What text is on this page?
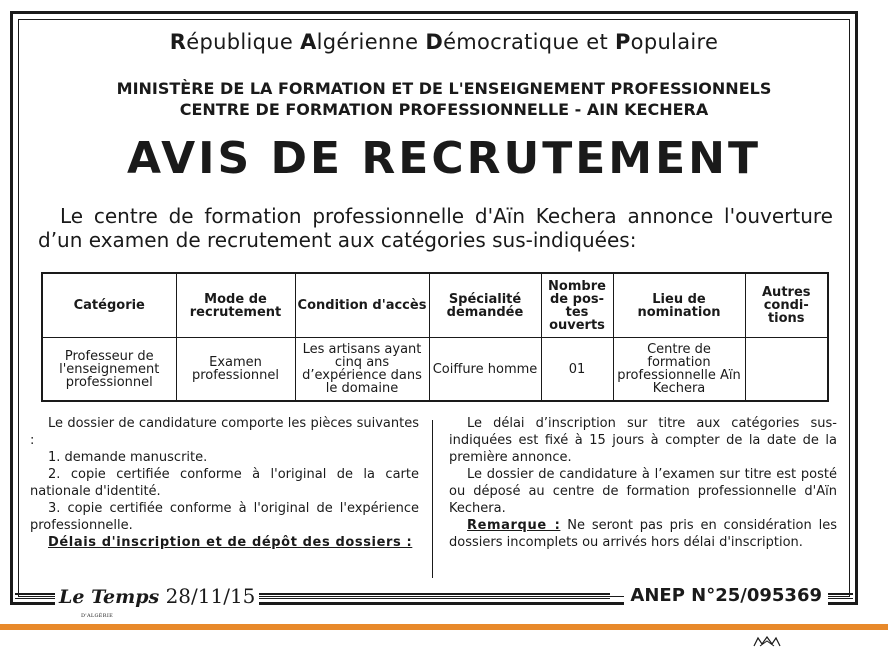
République Algérienne Démocratique et Populaire
MINISTÈRE DE LA FORMATION ET DE L'ENSEIGNEMENT PROFESSIONNELS
CENTRE DE FORMATION PROFESSIONNELLE - AIN KECHERA
AVIS DE RECRUTEMENT
Le centre de formation professionnelle d'Aïn Kechera annonce l'ouverture d’un examen de recrutement aux catégories sus-indiquées:
Catégorie	Mode de recrutement	Condition d'accès	Spécialité demandée	Nombre de pos-tes ouverts	Lieu de nomination	Autres condi-tions
Professeur de l'enseignement professionnel	Examen professionnel	Les artisans ayant cinq ans d’expérience dans le domaine	Coiffure homme	01	Centre de formation professionnelle Aïn Kechera	

Le dossier de candidature comporte les pièces suivantes :

1. demande manuscrite.

2. copie certifiée conforme à l'original de la carte nationale d'identité.

3. copie certifiée conforme à l'original de l'expérience professionnelle.

Délais d'inscription et de dépôt des dossiers :

Le délai d’inscription sur titre aux catégories sus-indiquées est fixé à 15 jours à compter de la date de la première annonce.

Le dossier de candidature à l’examen sur titre est posté ou déposé au centre de formation professionnelle d'Aïn Kechera.

Remarque : Ne seront pas pris en considération les dossiers incomplets ou arrivés hors délai d'inscription.

Le Temps
D'ALGÉRIE
28/11/15	ANEP N°25/095369
